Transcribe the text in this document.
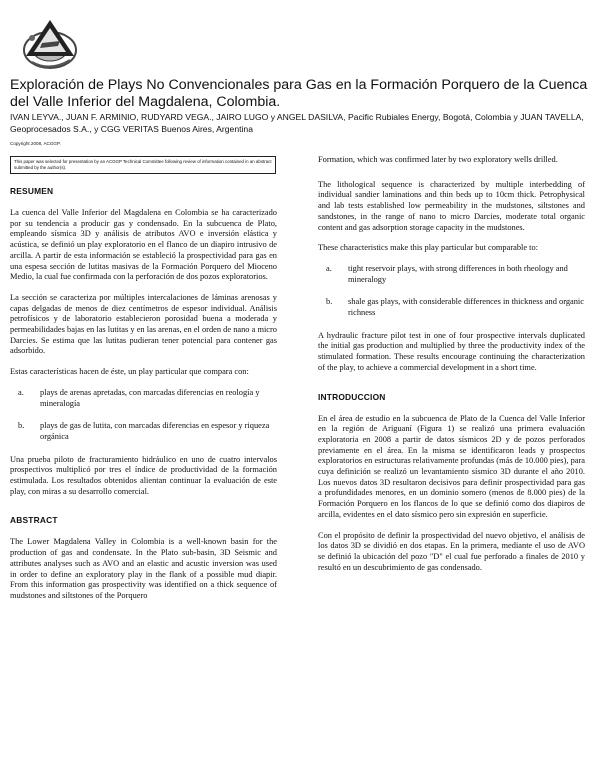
Exploración de Plays No Convencionales para Gas en la Formación Porquero de la Cuenca del Valle Inferior del Magdalena, Colombia.
IVAN LEYVA., JUAN F. ARMINIO, RUDYARD VEGA., JAIRO LUGO y ANGEL DASILVA, Pacific Rubiales Energy, Bogotá, Colombia y JUAN TAVELLA, Geoprocesados S.A., y CGG VERITAS Buenos Aires, Argentina
Copyright 2008, ACGGP.
This paper was selected for presentation by an ACGGP Technical Committee following review of information contained in an abstract submitted by the author(s).
RESUMEN

La cuenca del Valle Inferior del Magdalena en Colombia se ha caracterizado por su tendencia a producir gas y condensado. En la subcuenca de Plato, empleando sísmica 3D y análisis de atributos AVO e inversión elástica y acústica, se definió un play exploratorio en el flanco de un diapiro intrusivo de arcilla. A partir de esta información se estableció la prospectividad para gas en una espesa sección de lutitas masivas de la Formación Porquero del Mioceno Medio, la cual fue confirmada con la perforación de dos pozos exploratorios.

La sección se caracteriza por múltiples intercalaciones de láminas arenosas y capas delgadas de menos de diez centímetros de espesor individual. Análisis petrofísicos y de laboratorio establecieron porosidad buena a moderada y permeabilidades bajas en las lutitas y en las arenas, en el orden de nano a micro Darcies. Se estima que las lutitas pudieran tener potencial para contener gas adsorbido.

Estas características hacen de éste, un play particular que compara con:

a.	plays de arenas apretadas, con marcadas diferencias en reología y mineralogía
b.	plays de gas de lutita, con marcadas diferencias en espesor y riqueza orgánica

Una prueba piloto de fracturamiento hidráulico en uno de cuatro intervalos prospectivos multiplicó por tres el índice de productividad de la formación estimulada. Los resultados obtenidos alientan continuar la evaluación de este play, con miras a su desarrollo comercial.

ABSTRACT

The Lower Magdalena Valley in Colombia is a well-known basin for the production of gas and condensate. In the Plato sub-basin, 3D Seismic and attributes analyses such as AVO and an elastic and acustic inversion was used in order to define an exploratory play in the flank of a possible mud diapir. From this information gas prospectivity was identified on a thick sequence of mudstones and siltstones of the Porquero

Formation, which was confirmed later by two exploratory wells drilled.

The lithological sequence is characterized by multiple interbedding of individual sandier laminations and thin beds up to 10cm thick. Petrophysical and lab tests established low permeability in the mudstones, siltstones and sandstones, in the range of nano to micro Darcies, moderate total organic content and gas adsorption storage capacity in the mudstones.

These characteristics make this play particular but comparable to:

a.	tight reservoir plays, with strong differences in both rheology and mineralogy
b.	shale gas plays, with considerable differences in thickness and organic richness

A hydraulic fracture pilot test in one of four prospective intervals duplicated the initial gas production and multiplied by three the productivity index of the stimulated formation. These results encourage continuing the characterization of the play, to achieve a commercial development in a short time.

INTRODUCCION

En el área de estudio en la subcuenca de Plato de la Cuenca del Valle Inferior en la región de Ariguaní (Figura 1) se realizó una primera evaluación exploratoria en 2008 a partir de datos sísmicos 2D y de pozos perforados previamente en el área. En la misma se identificaron leads y prospectos exploratorios en estructuras relativamente profundas (más de 10.000 pies), para cuya definición se realizó un levantamiento sísmico 3D durante el año 2010. Los nuevos datos 3D resultaron decisivos para definir prospectividad para gas a profundidades menores, en un dominio somero (menos de 8.000 pies) de la Formación Porquero en los flancos de lo que se definió como dos diapiros de arcilla, evidentes en el dato sísmico pero sin expresión en superficie.

Con el propósito de definir la prospectividad del nuevo objetivo, el análisis de los datos 3D se dividió en dos etapas. En la primera, mediante el uso de AVO se definió la ubicación del pozo "D" el cual fue perforado a finales de 2010 y resultó en un descubrimiento de gas condensado.
